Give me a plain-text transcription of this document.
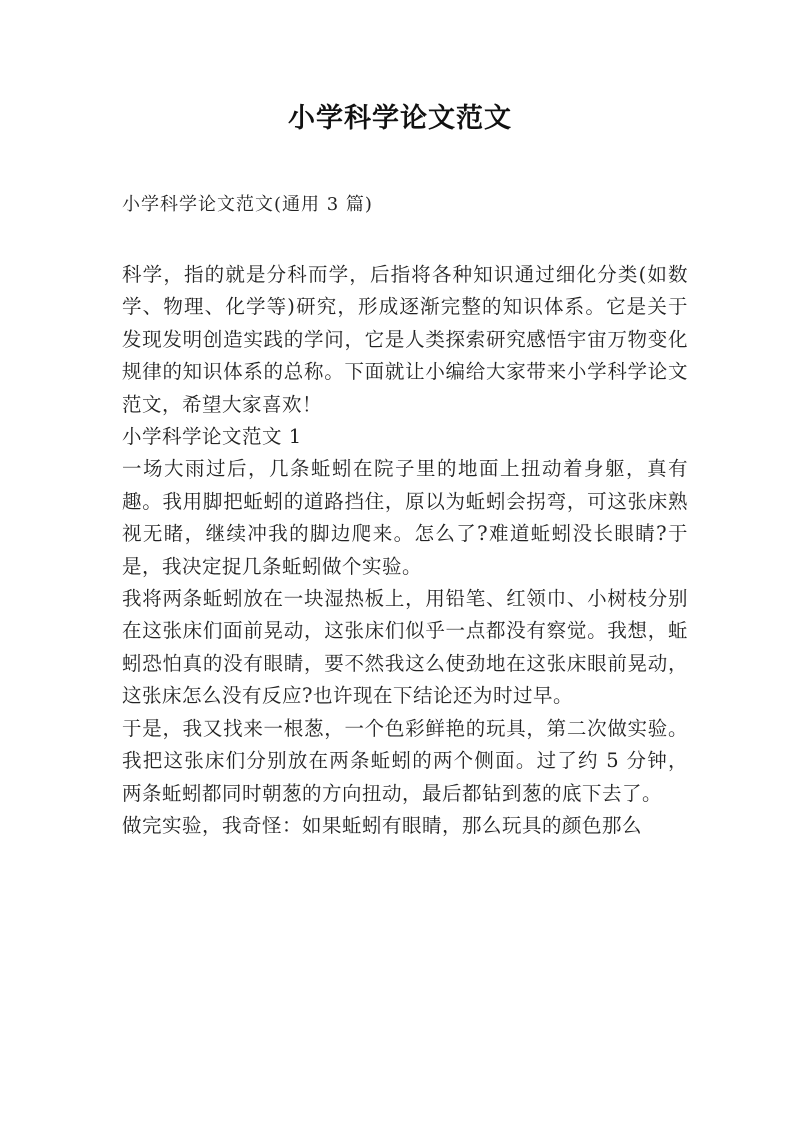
小学科学论文范文

小学科学论文范文(通用 3 篇)

科学，指的就是分科而学，后指将各种知识通过细化分类(如数学、物理、化学等)研究，形成逐渐完整的知识体系。它是关于发现发明创造实践的学问，它是人类探索研究感悟宇宙万物变化规律的知识体系的总称。下面就让小编给大家带来小学科学论文范文，希望大家喜欢！

小学科学论文范文 1

一场大雨过后，几条蚯蚓在院子里的地面上扭动着身躯，真有趣。我用脚把蚯蚓的道路挡住，原以为蚯蚓会拐弯，可这张床熟视无睹，继续冲我的脚边爬来。怎么了?难道蚯蚓没长眼睛?于是，我决定捉几条蚯蚓做个实验。

我将两条蚯蚓放在一块湿热板上，用铅笔、红领巾、小树枝分别在这张床们面前晃动，这张床们似乎一点都没有察觉。我想，蚯蚓恐怕真的没有眼睛，要不然我这么使劲地在这张床眼前晃动，这张床怎么没有反应?也许现在下结论还为时过早。

于是，我又找来一根葱，一个色彩鲜艳的玩具，第二次做实验。我把这张床们分别放在两条蚯蚓的两个侧面。过了约 5 分钟，两条蚯蚓都同时朝葱的方向扭动，最后都钻到葱的底下去了。

做完实验，我奇怪：如果蚯蚓有眼睛，那么玩具的颜色那么
